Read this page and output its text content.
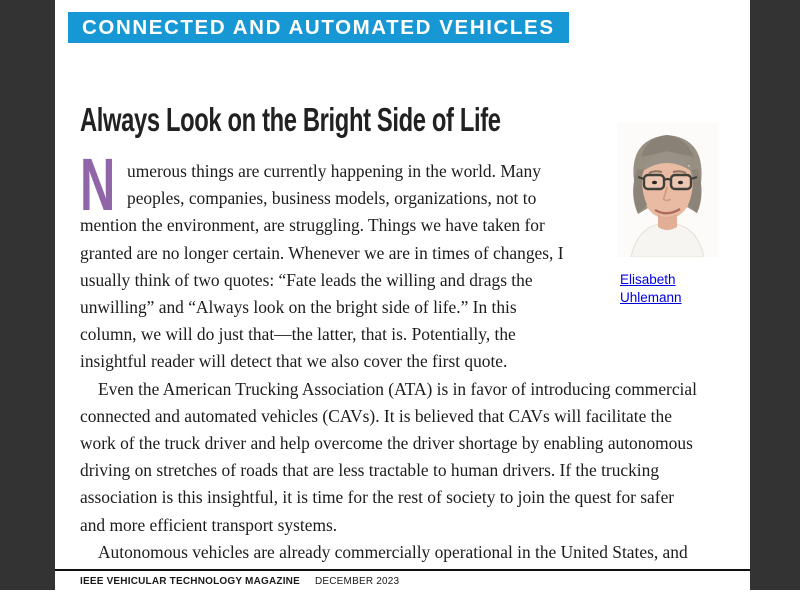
CONNECTED AND AUTOMATED VEHICLES
Always Look on the Bright Side of Life
Elisabeth Uhlemann

N umerous things are currently happening in the world. Many peoples, companies, business models, organizations, not to mention the environment, are struggling. Things we have taken for granted are no longer certain. Whenever we are in times of changes, I usually think of two quotes: “Fate leads the willing and drags the unwilling” and “Always look on the bright side of life.” In this column, we will do just that—the latter, that is. Potentially, the insightful reader will detect that we also cover the first quote.

Even the American Trucking Association (ATA) is in favor of introducing commercial connected and automated vehicles (CAVs). It is believed that CAVs will facilitate the work of the truck driver and help overcome the driver shortage by enabling autonomous driving on stretches of roads that are less tractable to human drivers. If the trucking association is this insightful, it is time for the rest of society to join the quest for safer and more efficient transport systems.

Autonomous vehicles are already commercially operational in the United States, and

IEEE VEHICULAR TECHNOLOGY MAGAZINE DECEMBER 2023
